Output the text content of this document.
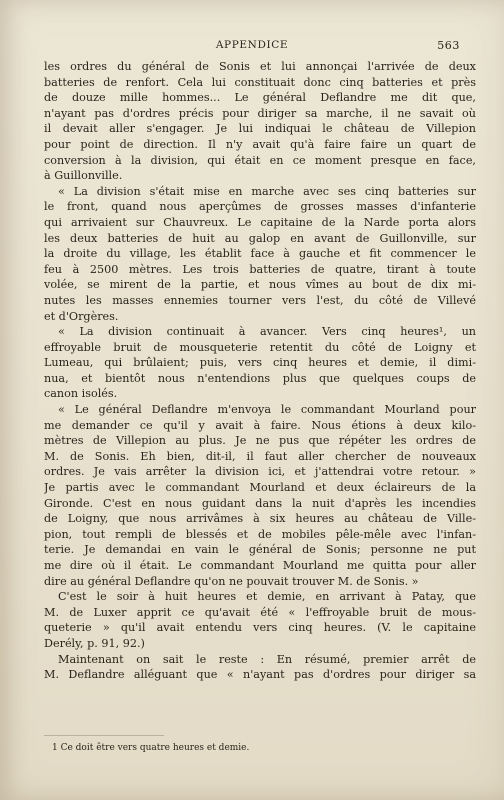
APPENDICE	563
les ordres du général de Sonis et lui annonçai l'arrivée de deux
batteries de renfort. Cela lui constituait donc cinq batteries et près
de douze mille hommes... Le général Deflandre me dit que,
n'ayant pas d'ordres précis pour diriger sa marche, il ne savait où
il devait aller s'engager. Je lui indiquai le château de Villepion
pour point de direction. Il n'y avait qu'à faire faire un quart de
conversion à la division, qui était en ce moment presque en face,
à Guillonville.
« La division s'était mise en marche avec ses cinq batteries sur
le front, quand nous aperçûmes de grosses masses d'infanterie
qui arrivaient sur Chauvreux. Le capitaine de la Narde porta alors
les deux batteries de huit au galop en avant de Guillonville, sur
la droite du village, les établit face à gauche et fit commencer le
feu à 2500 mètres. Les trois batteries de quatre, tirant à toute
volée, se mirent de la partie, et nous vîmes au bout de dix mi-
nutes les masses ennemies tourner vers l'est, du côté de Villevé
et d'Orgères.
« La division continuait à avancer. Vers cinq heures¹, un
effroyable bruit de mousqueterie retentit du côté de Loigny et
Lumeau, qui brûlaient; puis, vers cinq heures et demie, il dimi-
nua, et bientôt nous n'entendions plus que quelques coups de
canon isolés.
« Le général Deflandre m'envoya le commandant Mourland pour
me demander ce qu'il y avait à faire. Nous étions à deux kilo-
mètres de Villepion au plus. Je ne pus que répéter les ordres de
M. de Sonis. Eh bien, dit-il, il faut aller chercher de nouveaux
ordres. Je vais arrêter la division ici, et j'attendrai votre retour. »
Je partis avec le commandant Mourland et deux éclaireurs de la
Gironde. C'est en nous guidant dans la nuit d'après les incendies
de Loigny, que nous arrivâmes à six heures au château de Ville-
pion, tout rempli de blessés et de mobiles pêle-mêle avec l'infan-
terie. Je demandai en vain le général de Sonis; personne ne put
me dire où il était. Le commandant Mourland me quitta pour aller
dire au général Deflandre qu'on ne pouvait trouver M. de Sonis. »
C'est le soir à huit heures et demie, en arrivant à Patay, que
M. de Luxer apprit ce qu'avait été « l'effroyable bruit de mous-
queterie » qu'il avait entendu vers cinq heures. (V. le capitaine
Derély, p. 91, 92.)
Maintenant on sait le reste : En résumé, premier arrêt de
M. Deflandre alléguant que « n'ayant pas d'ordres pour diriger sa
1 Ce doit être vers quatre heures et demie.
